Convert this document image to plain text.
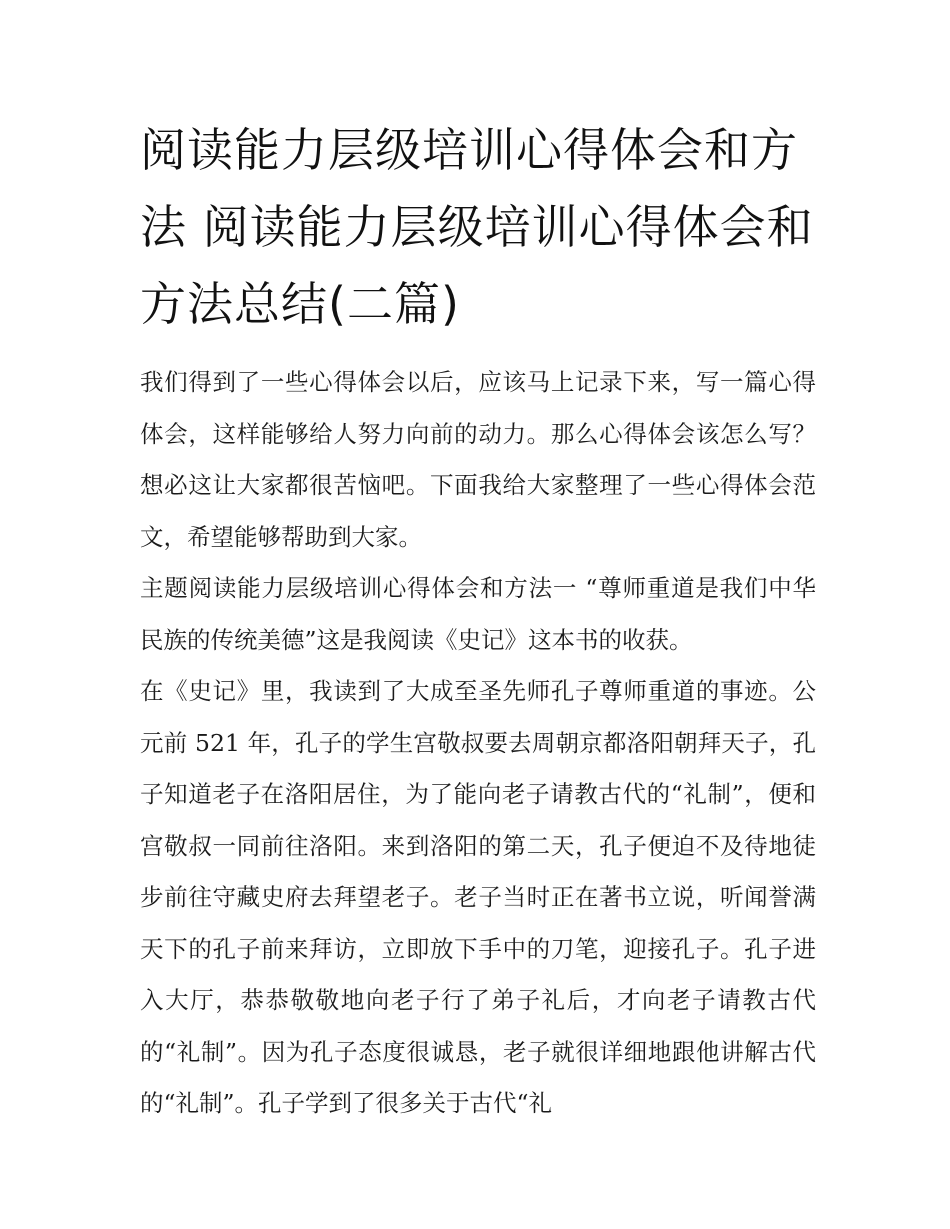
阅读能力层级培训心得体会和方法 阅读能力层级培训心得体会和方法总结(二篇)

我们得到了一些心得体会以后，应该马上记录下来，写一篇心得体会，这样能够给人努力向前的动力。那么心得体会该怎么写？想必这让大家都很苦恼吧。下面我给大家整理了一些心得体会范文，希望能够帮助到大家。

主题阅读能力层级培训心得体会和方法一 “尊师重道是我们中华民族的传统美德”这是我阅读《史记》这本书的收获。

在《史记》里，我读到了大成至圣先师孔子尊师重道的事迹。公元前 521 年，孔子的学生宫敬叔要去周朝京都洛阳朝拜天子，孔子知道老子在洛阳居住，为了能向老子请教古代的“礼制”，便和宫敬叔一同前往洛阳。来到洛阳的第二天，孔子便迫不及待地徒步前往守藏史府去拜望老子。老子当时正在著书立说，听闻誉满天下的孔子前来拜访，立即放下手中的刀笔，迎接孔子。孔子进入大厅，恭恭敬敬地向老子行了弟子礼后，才向老子请教古代的“礼制”。因为孔子态度很诚恳，老子就很详细地跟他讲解古代的“礼制”。孔子学到了很多关于古代“礼
